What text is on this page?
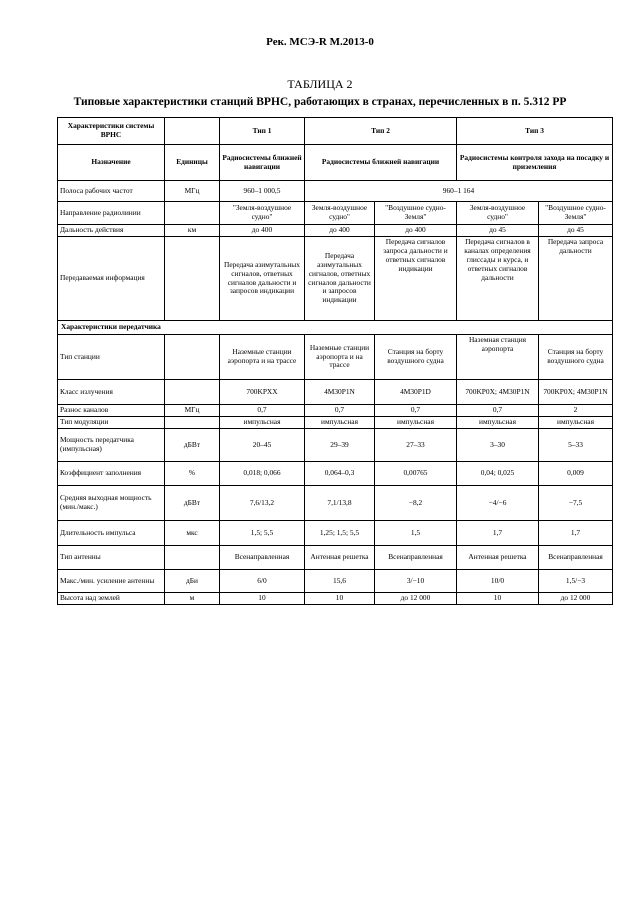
Рек. МСЭ-R M.2013-0
ТАБЛИЦА 2
Типовые характеристики станций ВРНС, работающих в странах, перечисленных в п. 5.312 РР
Характеристики системы ВРНС		Тип 1	Тип 2		Тип 3	
Назначение	Единицы	Радиосистемы ближней навигации	Радиосистемы ближней навигации		Радиосистемы контроля захода на посадку и приземления	
Полоса рабочих частот	МГц	960–1 000,5	960–1 164			
Направление радиолинии		"Земля-воздушное судно"	Земля-воздушное судно"	"Воздушное судно-Земля"	Земля-воздушное судно"	"Воздушное судно-Земля"
Дальность действия	км	до 400	до 400	до 400	до 45	до 45
Передаваемая информация		Передача азимутальных сигналов, ответных сигналов дальности и запросов индикации	Передача азимутальных сигналов, ответных сигналов дальности и запросов индикации	Передача сигналов запроса дальности и ответных сигналов индикации	Передача сигналов в каналах определения глиссады и курса, и ответных сигналов дальности	Передача запроса дальности
Характеристики передатчика						
Тип станции		Наземные станции аэропорта и на трассе	Наземные станции аэропорта и на трассе	Станция на борту воздушного судна	Наземная станция аэропорта	Станция на борту воздушного судна
Класс излучения		700KPXX	4M30P1N	4M30P1D	700KP0X; 4M30P1N	700KP0X; 4M30P1N
Разнос каналов	МГц	0,7	0,7	0,7	0,7	2
Тип модуляции		импульсная	импульсная	импульсная	импульсная	импульсная
Мощность передатчика (импульсная)	дБВт	20–45	29–39	27–33	3–30	5–33
Коэффициент заполнения	%	0,018; 0,066	0,064–0,3	0,00765	0,04; 0,025	0,009
Средняя выходная мощность (мин./макс.)	дБВт	7,6/13,2	7,1/13,8	−8,2	−4/−6	−7,5
Длительность импульса	мкс	1,5; 5,5	1,25; 1,5; 5,5	1,5	1,7	1,7
Тип антенны		Всенаправленная	Антенная решетка	Всенаправленная	Антенная решетка	Всенаправленная
Макс./мин. усиление антенны	дБи	6/0	15,6	3/−10	10/0	1,5/−3
Высота над землей	м	10	10	до 12 000	10	до 12 000
